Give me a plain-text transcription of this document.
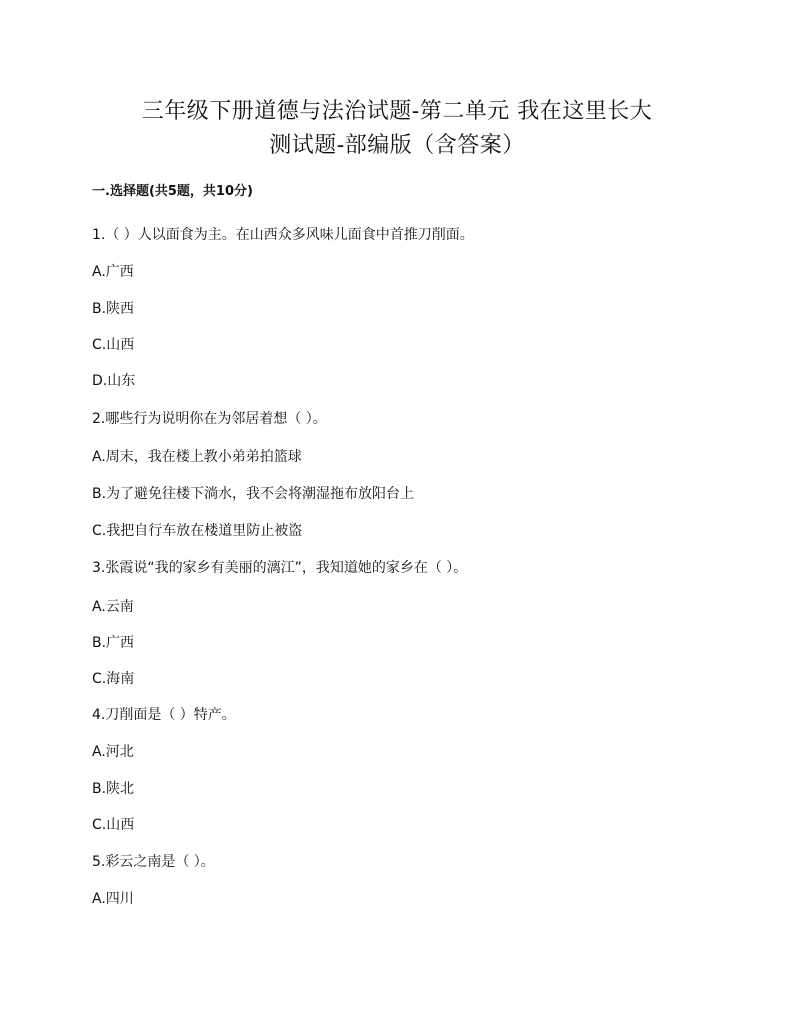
三年级下册道德与法治试题-第二单元 我在这里长大
测试题-部编版（含答案）
一.选择题(共5题，共10分)
1.（ ）人以面食为主。在山西众多风味儿面食中首推刀削面。
A.广西
B.陕西
C.山西
D.山东
2.哪些行为说明你在为邻居着想（ ）。
A.周末，我在楼上教小弟弟拍篮球
B.为了避免往楼下淌水，我不会将潮湿拖布放阳台上
C.我把自行车放在楼道里防止被盗
3.张霞说“我的家乡有美丽的漓江”，我知道她的家乡在（ ）。
A.云南
B.广西
C.海南
4.刀削面是（ ）特产。
A.河北
B.陕北
C.山西
5.彩云之南是（ ）。
A.四川
